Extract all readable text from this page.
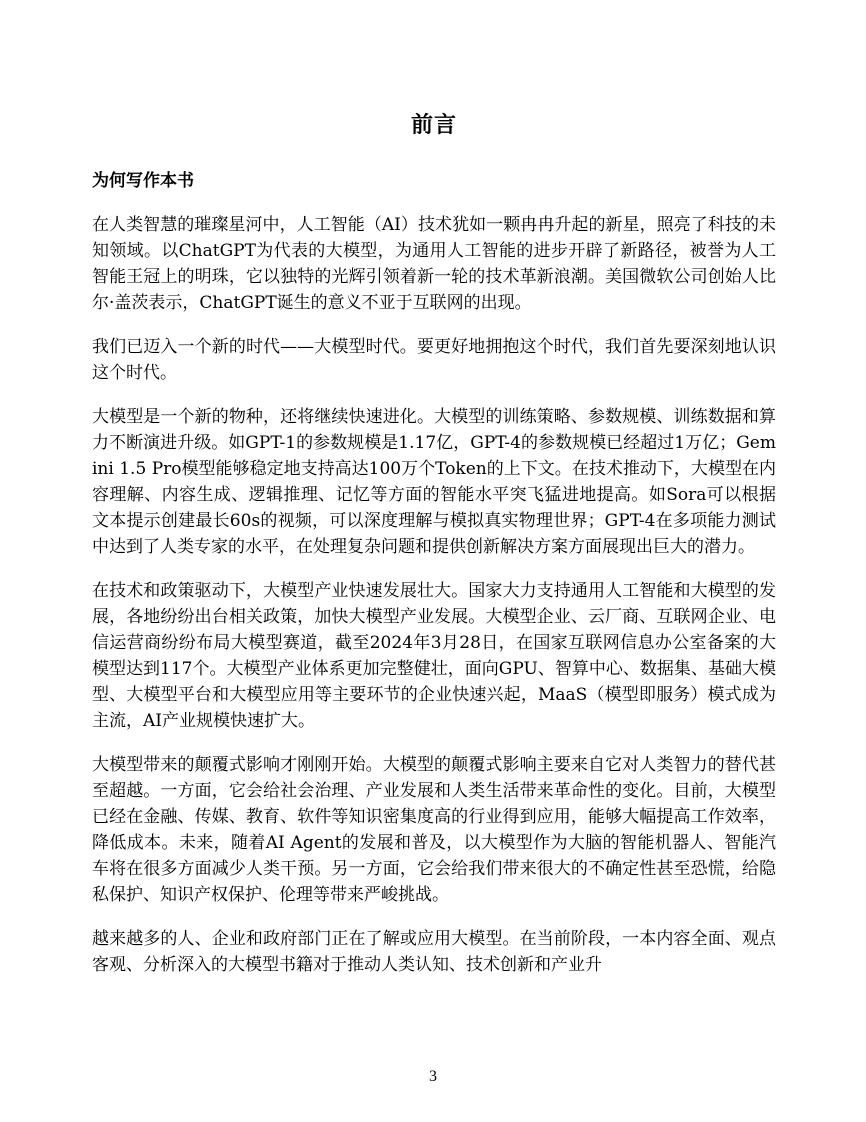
前言
为何写作本书

在人类智慧的璀璨星河中，人工智能（AI）技术犹如一颗冉冉升起的新星，照亮了科技的未知领域。以ChatGPT为代表的大模型，为通用人工智能的进步开辟了新路径，被誉为人工智能王冠上的明珠，它以独特的光辉引领着新一轮的技术革新浪潮。美国微软公司创始人比尔·盖茨表示，ChatGPT诞生的意义不亚于互联网的出现。

我们已迈入一个新的时代——大模型时代。要更好地拥抱这个时代，我们首先要深刻地认识这个时代。

大模型是一个新的物种，还将继续快速进化。大模型的训练策略、参数规模、训练数据和算力不断演进升级。如GPT-1的参数规模是1.17亿，GPT-4的参数规模已经超过1万亿；Gemini 1.5 Pro模型能够稳定地支持高达100万个Token的上下文。在技术推动下，大模型在内容理解、内容生成、逻辑推理、记忆等方面的智能水平突飞猛进地提高。如Sora可以根据文本提示创建最长60s的视频，可以深度理解与模拟真实物理世界；GPT-4在多项能力测试中达到了人类专家的水平，在处理复杂问题和提供创新解决方案方面展现出巨大的潜力。

在技术和政策驱动下，大模型产业快速发展壮大。国家大力支持通用人工智能和大模型的发展，各地纷纷出台相关政策，加快大模型产业发展。大模型企业、云厂商、互联网企业、电信运营商纷纷布局大模型赛道，截至2024年3月28日，在国家互联网信息办公室备案的大模型达到117个。大模型产业体系更加完整健壮，面向GPU、智算中心、数据集、基础大模型、大模型平台和大模型应用等主要环节的企业快速兴起，MaaS（模型即服务）模式成为主流，AI产业规模快速扩大。

大模型带来的颠覆式影响才刚刚开始。大模型的颠覆式影响主要来自它对人类智力的替代甚至超越。一方面，它会给社会治理、产业发展和人类生活带来革命性的变化。目前，大模型已经在金融、传媒、教育、软件等知识密集度高的行业得到应用，能够大幅提高工作效率，降低成本。未来，随着AI Agent的发展和普及，以大模型作为大脑的智能机器人、智能汽车将在很多方面减少人类干预。另一方面，它会给我们带来很大的不确定性甚至恐慌，给隐私保护、知识产权保护、伦理等带来严峻挑战。

越来越多的人、企业和政府部门正在了解或应用大模型。在当前阶段，一本内容全面、观点客观、分析深入的大模型书籍对于推动人类认知、技术创新和产业升

3
